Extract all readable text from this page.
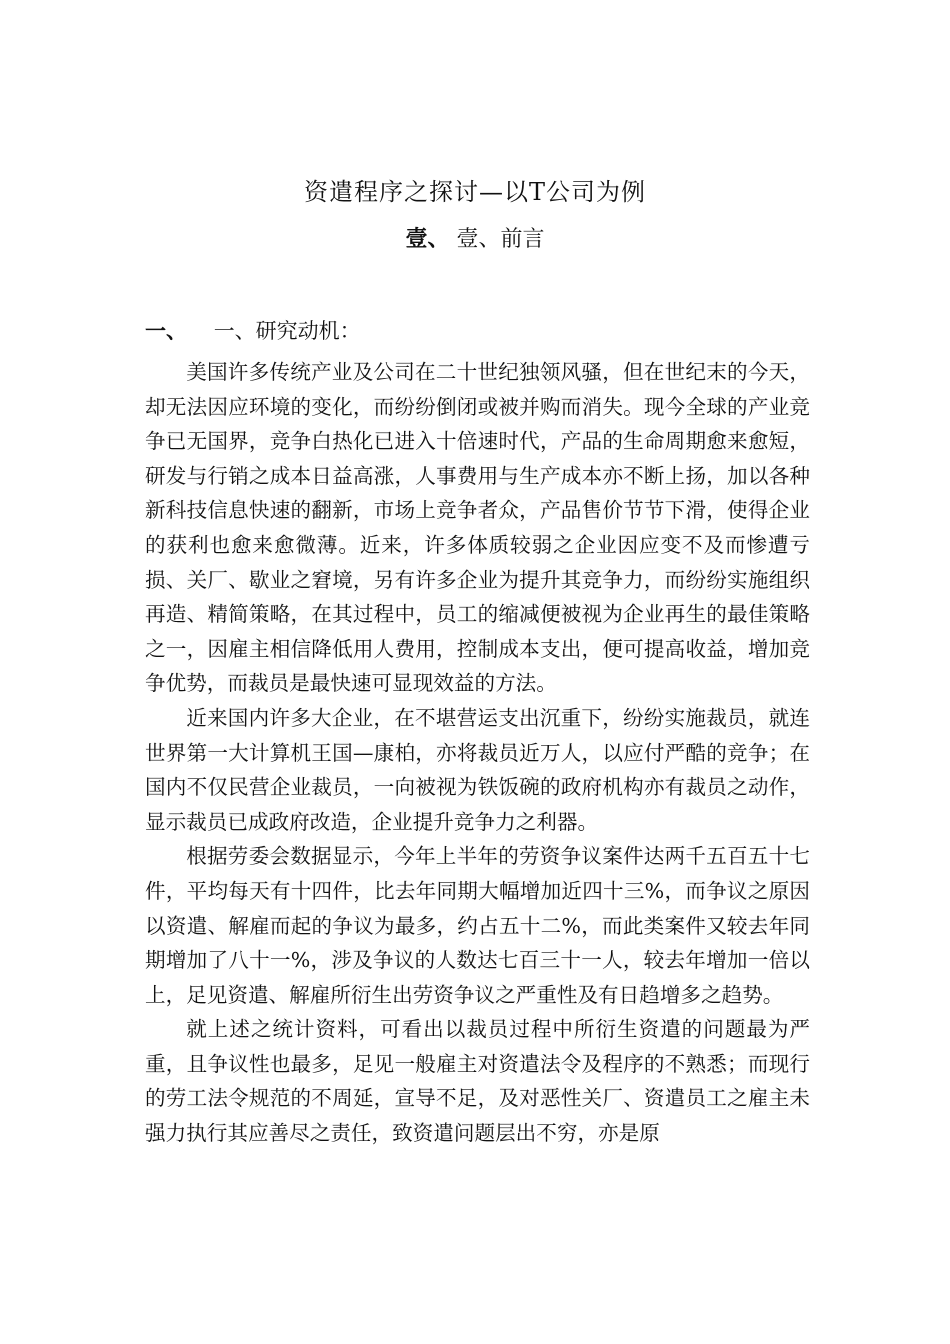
资遣程序之探讨—以T公司为例
壹、 壹、前言
一、 一、研究动机：

美国许多传统产业及公司在二十世纪独领风骚，但在世纪末的今天，却无法因应环境的变化，而纷纷倒闭或被并购而消失。现今全球的产业竞争已无国界，竞争白热化已进入十倍速时代，产品的生命周期愈来愈短，研发与行销之成本日益高涨，人事费用与生产成本亦不断上扬，加以各种新科技信息快速的翻新，市场上竞争者众，产品售价节节下滑，使得企业的获利也愈来愈微薄。近来，许多体质较弱之企业因应变不及而惨遭亏损、关厂、歇业之窘境，另有许多企业为提升其竞争力，而纷纷实施组织再造、精简策略，在其过程中，员工的缩减便被视为企业再生的最佳策略之一，因雇主相信降低用人费用，控制成本支出，便可提高收益，增加竞争优势，而裁员是最快速可显现效益的方法。

近来国内许多大企业，在不堪营运支出沉重下，纷纷实施裁员，就连世界第一大计算机王国—康柏，亦将裁员近万人，以应付严酷的竞争；在国内不仅民营企业裁员，一向被视为铁饭碗的政府机构亦有裁员之动作，显示裁员已成政府改造，企业提升竞争力之利器。

根据劳委会数据显示，今年上半年的劳资争议案件达两千五百五十七件，平均每天有十四件，比去年同期大幅增加近四十三%，而争议之原因以资遣、解雇而起的争议为最多，约占五十二%，而此类案件又较去年同期增加了八十一%，涉及争议的人数达七百三十一人，较去年增加一倍以上，足见资遣、解雇所衍生出劳资争议之严重性及有日趋增多之趋势。

就上述之统计资料，可看出以裁员过程中所衍生资遣的问题最为严重，且争议性也最多，足见一般雇主对资遣法令及程序的不熟悉；而现行的劳工法令规范的不周延，宣导不足，及对恶性关厂、资遣员工之雇主未强力执行其应善尽之责任，致资遣问题层出不穷，亦是原
